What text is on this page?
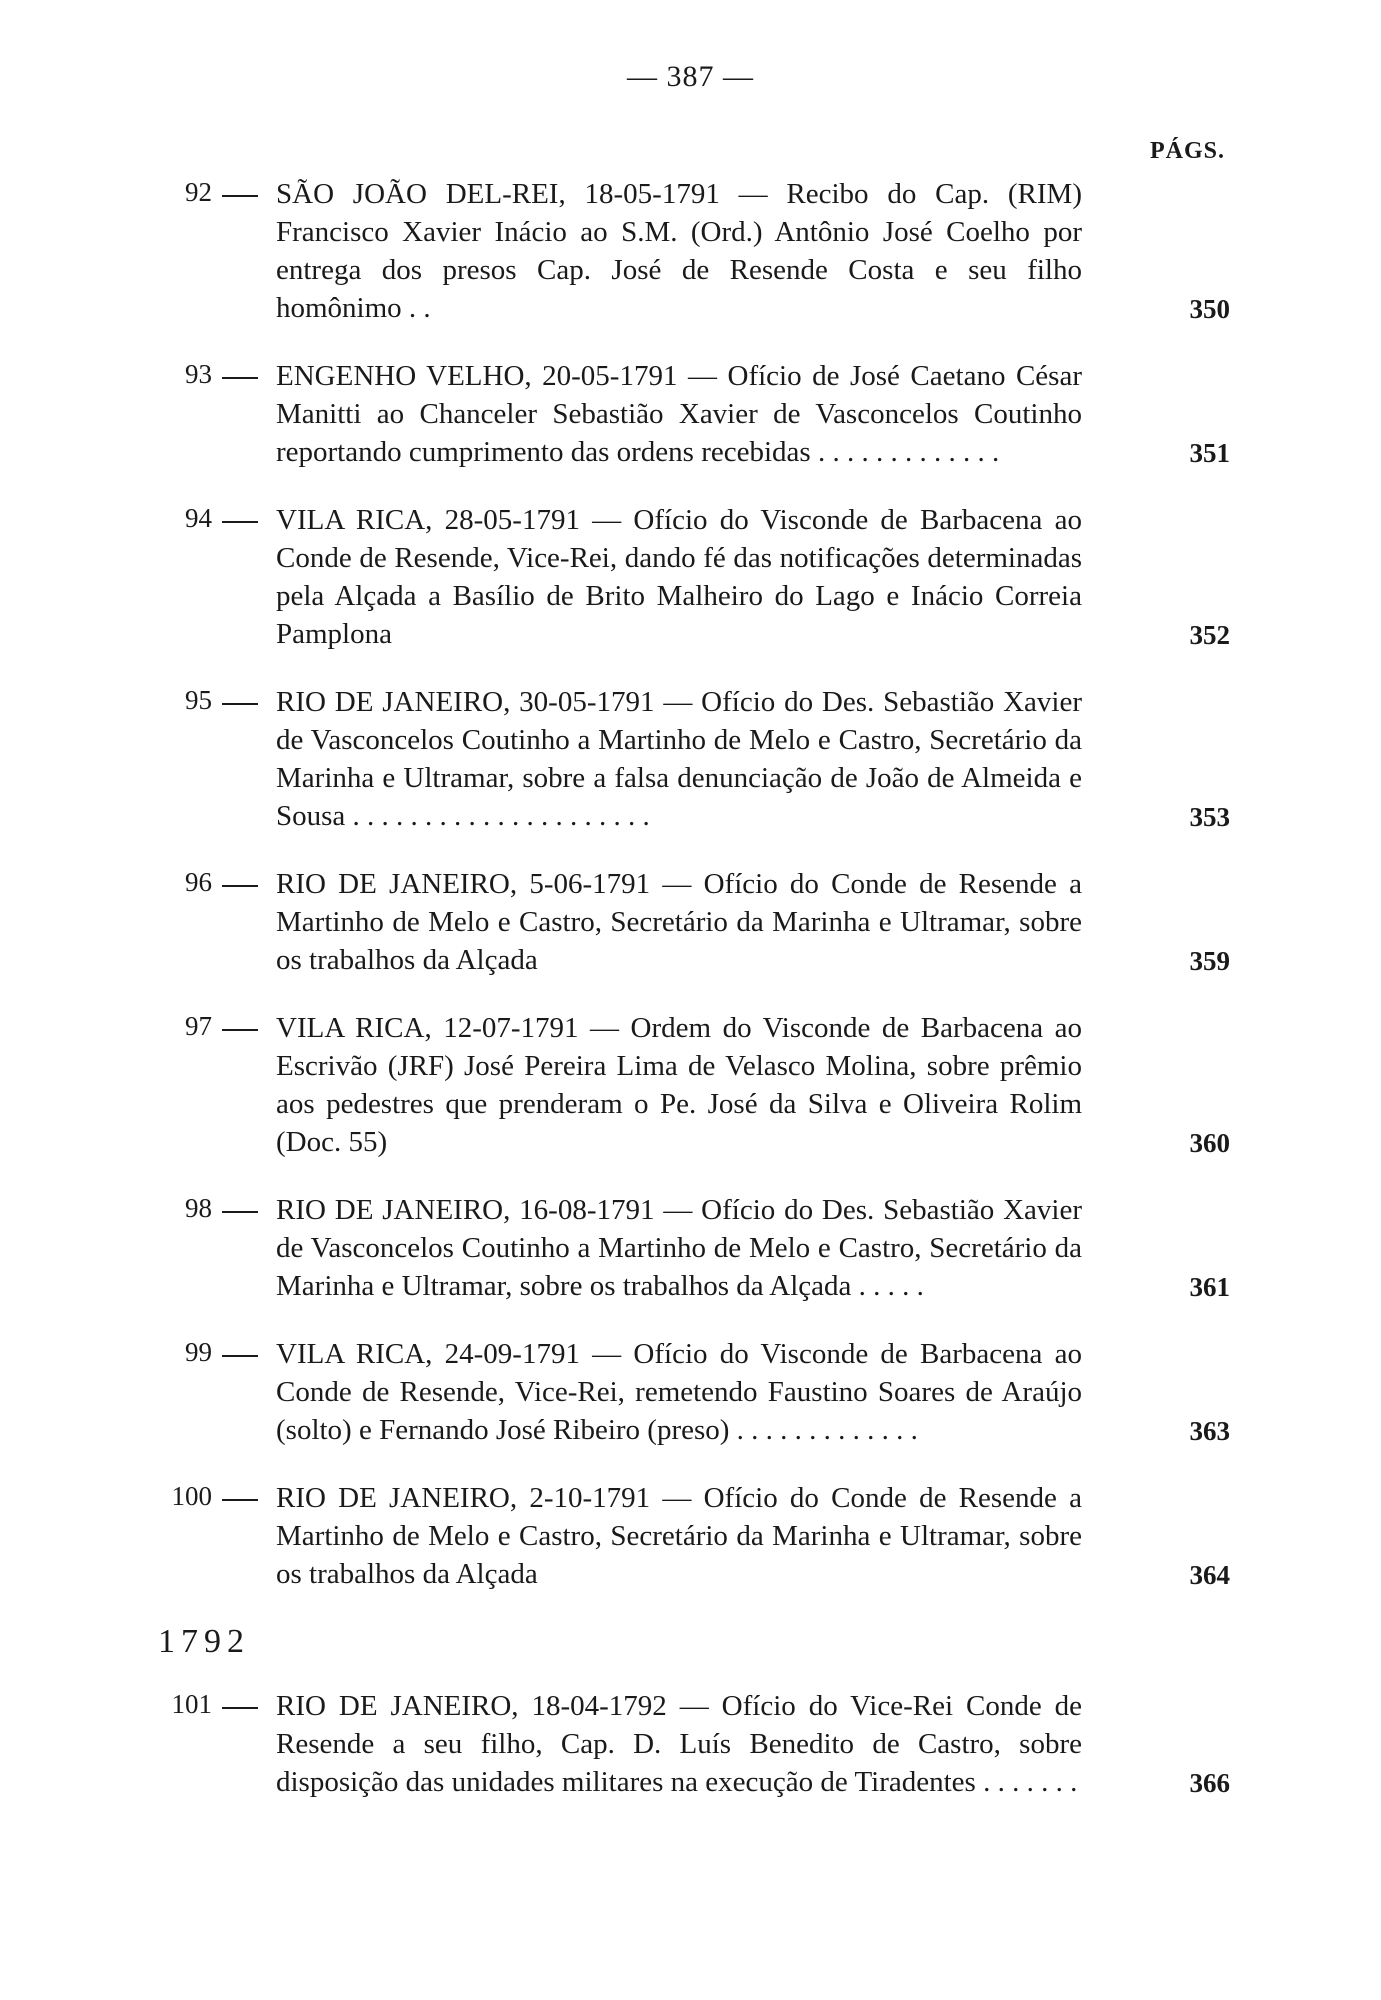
— 387 —
PÁGS.
92 SÃO JOÃO DEL-REI, 18-05-1791 — Recibo do Cap. (RIM) Francisco Xavier Inácio ao S.M. (Ord.) Antônio José Coelho por entrega dos presos Cap. José de Resende Costa e seu filho homônimo . .	350
93 ENGENHO VELHO, 20-05-1791 — Ofício de José Caetano César Manitti ao Chanceler Sebastião Xavier de Vasconcelos Coutinho reportando cumprimento das ordens recebidas . . . . . . . . . . . . .	351
94 VILA RICA, 28-05-1791 — Ofício do Visconde de Barbacena ao Conde de Resende, Vice-Rei, dando fé das notificações determinadas pela Alçada a Basílio de Brito Malheiro do Lago e Inácio Correia Pamplona	352
95 RIO DE JANEIRO, 30-05-1791 — Ofício do Des. Sebastião Xavier de Vasconcelos Coutinho a Martinho de Melo e Castro, Secretário da Marinha e Ultramar, sobre a falsa denunciação de João de Almeida e Sousa . . . . . . . . . . . . . . . . . . . . .	353
96 RIO DE JANEIRO, 5-06-1791 — Ofício do Conde de Resende a Martinho de Melo e Castro, Secretário da Marinha e Ultramar, sobre os trabalhos da Alçada	359
97 VILA RICA, 12-07-1791 — Ordem do Visconde de Barbacena ao Escrivão (JRF) José Pereira Lima de Velasco Molina, sobre prêmio aos pedestres que prenderam o Pe. José da Silva e Oliveira Rolim (Doc. 55)	360
98 RIO DE JANEIRO, 16-08-1791 — Ofício do Des. Sebastião Xavier de Vasconcelos Coutinho a Martinho de Melo e Castro, Secretário da Marinha e Ultramar, sobre os trabalhos da Alçada . . . . .	361
99 VILA RICA, 24-09-1791 — Ofício do Visconde de Barbacena ao Conde de Resende, Vice-Rei, remetendo Faustino Soares de Araújo (solto) e Fernando José Ribeiro (preso) . . . . . . . . . . . . .	363
100 RIO DE JANEIRO, 2-10-1791 — Ofício do Conde de Resende a Martinho de Melo e Castro, Secretário da Marinha e Ultramar, sobre os trabalhos da Alçada	364
1792
101 RIO DE JANEIRO, 18-04-1792 — Ofício do Vice-Rei Conde de Resende a seu filho, Cap. D. Luís Benedito de Castro, sobre disposição das unidades militares na execução de Tiradentes . . . . . . .	366
